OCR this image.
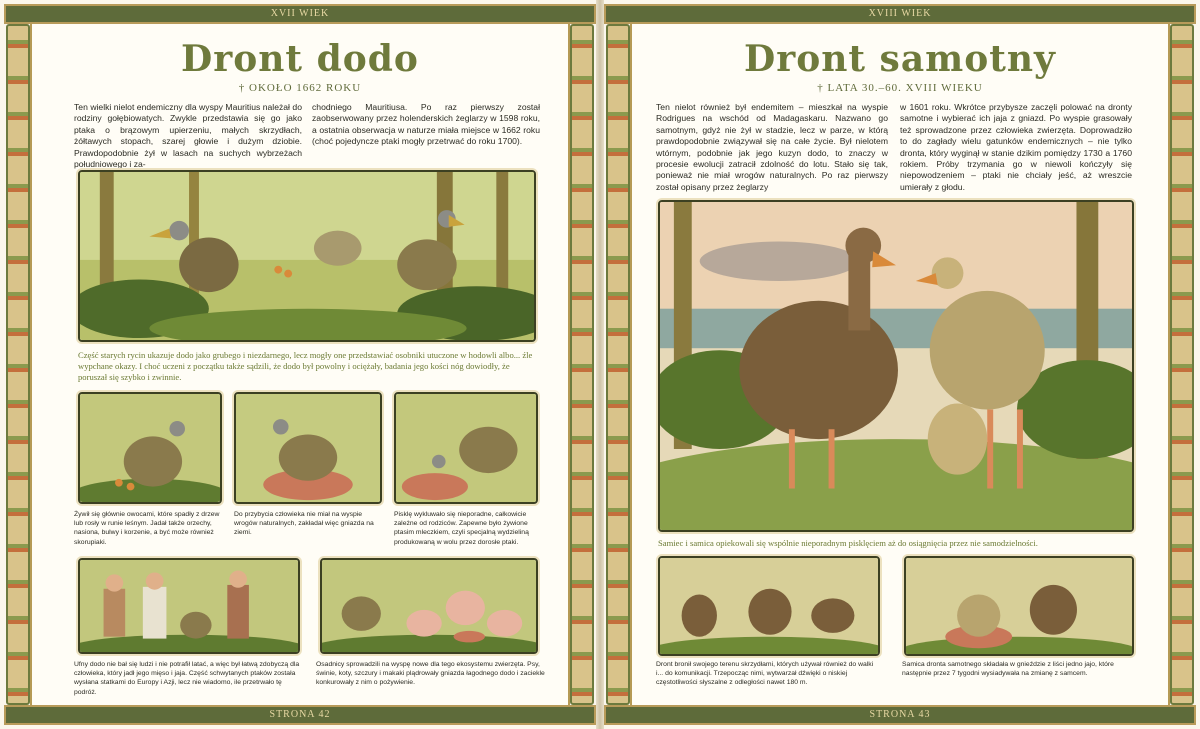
XVII WIEK
Dront dodo
† OKOŁO 1662 ROKU
Ten wielki nielot endemiczny dla wyspy Mauritius należał do rodziny gołębiowatych. Zwykle przedstawia się go jako ptaka o brązowym upierzeniu, małych skrzydłach, żółtawych stopach, szarej głowie i dużym dziobie. Prawdopodobnie żył w lasach na suchych wybrzeżach południowego i za-
chodniego Mauritiusa. Po raz pierwszy został zaobserwowany przez holenderskich żeglarzy w 1598 roku, a ostatnia obserwacja w naturze miała miejsce w 1662 roku (choć pojedyncze ptaki mogły przetrwać do roku 1700).
Część starych rycin ukazuje dodo jako grubego i niezdarnego, lecz mogły one przedstawiać osobniki utuczone w hodowli albo... źle wypchane okazy. I choć uczeni z początku także sądzili, że dodo był powolny i ociężały, badania jego kości nóg dowiodły, że poruszał się szybko i zwinnie.
Żywił się głównie owocami, które spadły z drzew lub rosły w runie leśnym. Jadał także orzechy, nasiona, bulwy i korzenie, a być może również skorupiaki.
Do przybycia człowieka nie miał na wyspie wrogów naturalnych, zakładał więc gniazda na ziemi.
Pisklę wykluwało się nieporadne, całkowicie zależne od rodziców. Zapewne było żywione ptasim mleczkiem, czyli specjalną wydzieliną produkowaną w wolu przez dorosłe ptaki.
Ufny dodo nie bał się ludzi i nie potrafił latać, a więc był łatwą zdobyczą dla człowieka, który jadł jego mięso i jaja. Część schwytanych ptaków została wysłana statkami do Europy i Azji, lecz nie wiadomo, ile przetrwało tę podróż.
Osadnicy sprowadzili na wyspę nowe dla tego ekosystemu zwierzęta. Psy, świnie, koty, szczury i makaki plądrowały gniazda łagodnego dodo i zaciekle konkurowały z nim o pożywienie.
STRONA 42
XVIII WIEK
Dront samotny
† LATA 30.–60. XVIII WIEKU
Ten nielot również był endemitem – mieszkał na wyspie Rodrigues na wschód od Madagaskaru. Nazwano go samotnym, gdyż nie żył w stadzie, lecz w parze, w którą prawdopodobnie związywał się na całe życie. Był nielotem wtórnym, podobnie jak jego kuzyn dodo, to znaczy w procesie ewolucji zatracił zdolność do lotu. Stało się tak, ponieważ nie miał wrogów naturalnych. Po raz pierwszy został opisany przez żeglarzy
w 1601 roku. Wkrótce przybysze zaczęli polować na dronty samotne i wybierać ich jaja z gniazd. Po wyspie grasowały też sprowadzone przez człowieka zwierzęta. Doprowadziło to do zagłady wielu gatunków endemicznych – nie tylko dronta, który wyginął w stanie dzikim pomiędzy 1730 a 1760 rokiem. Próby trzymania go w niewoli kończyły się niepowodzeniem – ptaki nie chciały jeść, aż wreszcie umierały z głodu.
Samiec i samica opiekowali się wspólnie nieporadnym pisklęciem aż do osiągnięcia przez nie samodzielności.
Dront bronił swojego terenu skrzydłami, których używał również do walki i... do komunikacji. Trzepocząc nimi, wytwarzał dźwięki o niskiej częstotliwości słyszalne z odległości nawet 180 m.
Samica dronta samotnego składała w gnieździe z liści jedno jajo, które następnie przez 7 tygodni wysiadywała na zmianę z samcem.
STRONA 43
